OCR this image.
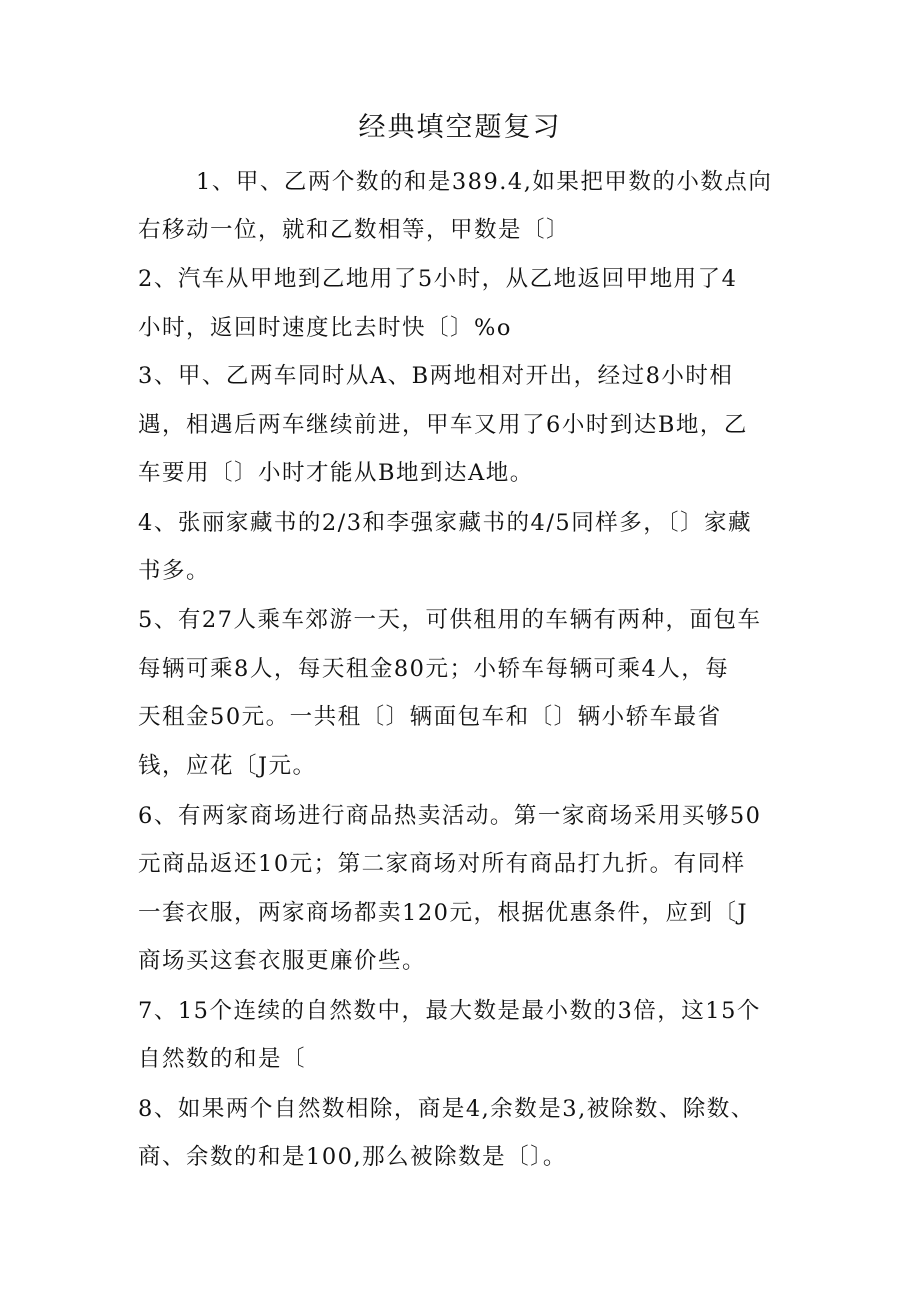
经典填空题复习
1、甲、乙两个数的和是389.4,如果把甲数的小数点向
右移动一位，就和乙数相等，甲数是〔〕
2、汽车从甲地到乙地用了5小时，从乙地返回甲地用了4
小时，返回时速度比去时快〔〕%o
3、甲、乙两车同时从A、B两地相对开出，经过8小时相
遇，相遇后两车继续前进，甲车又用了6小时到达B地，乙
车要用〔〕小时才能从B地到达A地。
4、张丽家藏书的2/3和李强家藏书的4/5同样多，〔〕家藏
书多。
5、有27人乘车郊游一天，可供租用的车辆有两种，面包车
每辆可乘8人，每天租金80元；小轿车每辆可乘4人，每
天租金50元。一共租〔〕辆面包车和〔〕辆小轿车最省
钱，应花〔J元。
6、有两家商场进行商品热卖活动。第一家商场采用买够50
元商品返还10元；第二家商场对所有商品打九折。有同样
一套衣服，两家商场都卖120元，根据优惠条件，应到〔J
商场买这套衣服更廉价些。
7、15个连续的自然数中，最大数是最小数的3倍，这15个
自然数的和是〔
8、如果两个自然数相除，商是4,余数是3,被除数、除数、
商、余数的和是100,那么被除数是〔〕。
